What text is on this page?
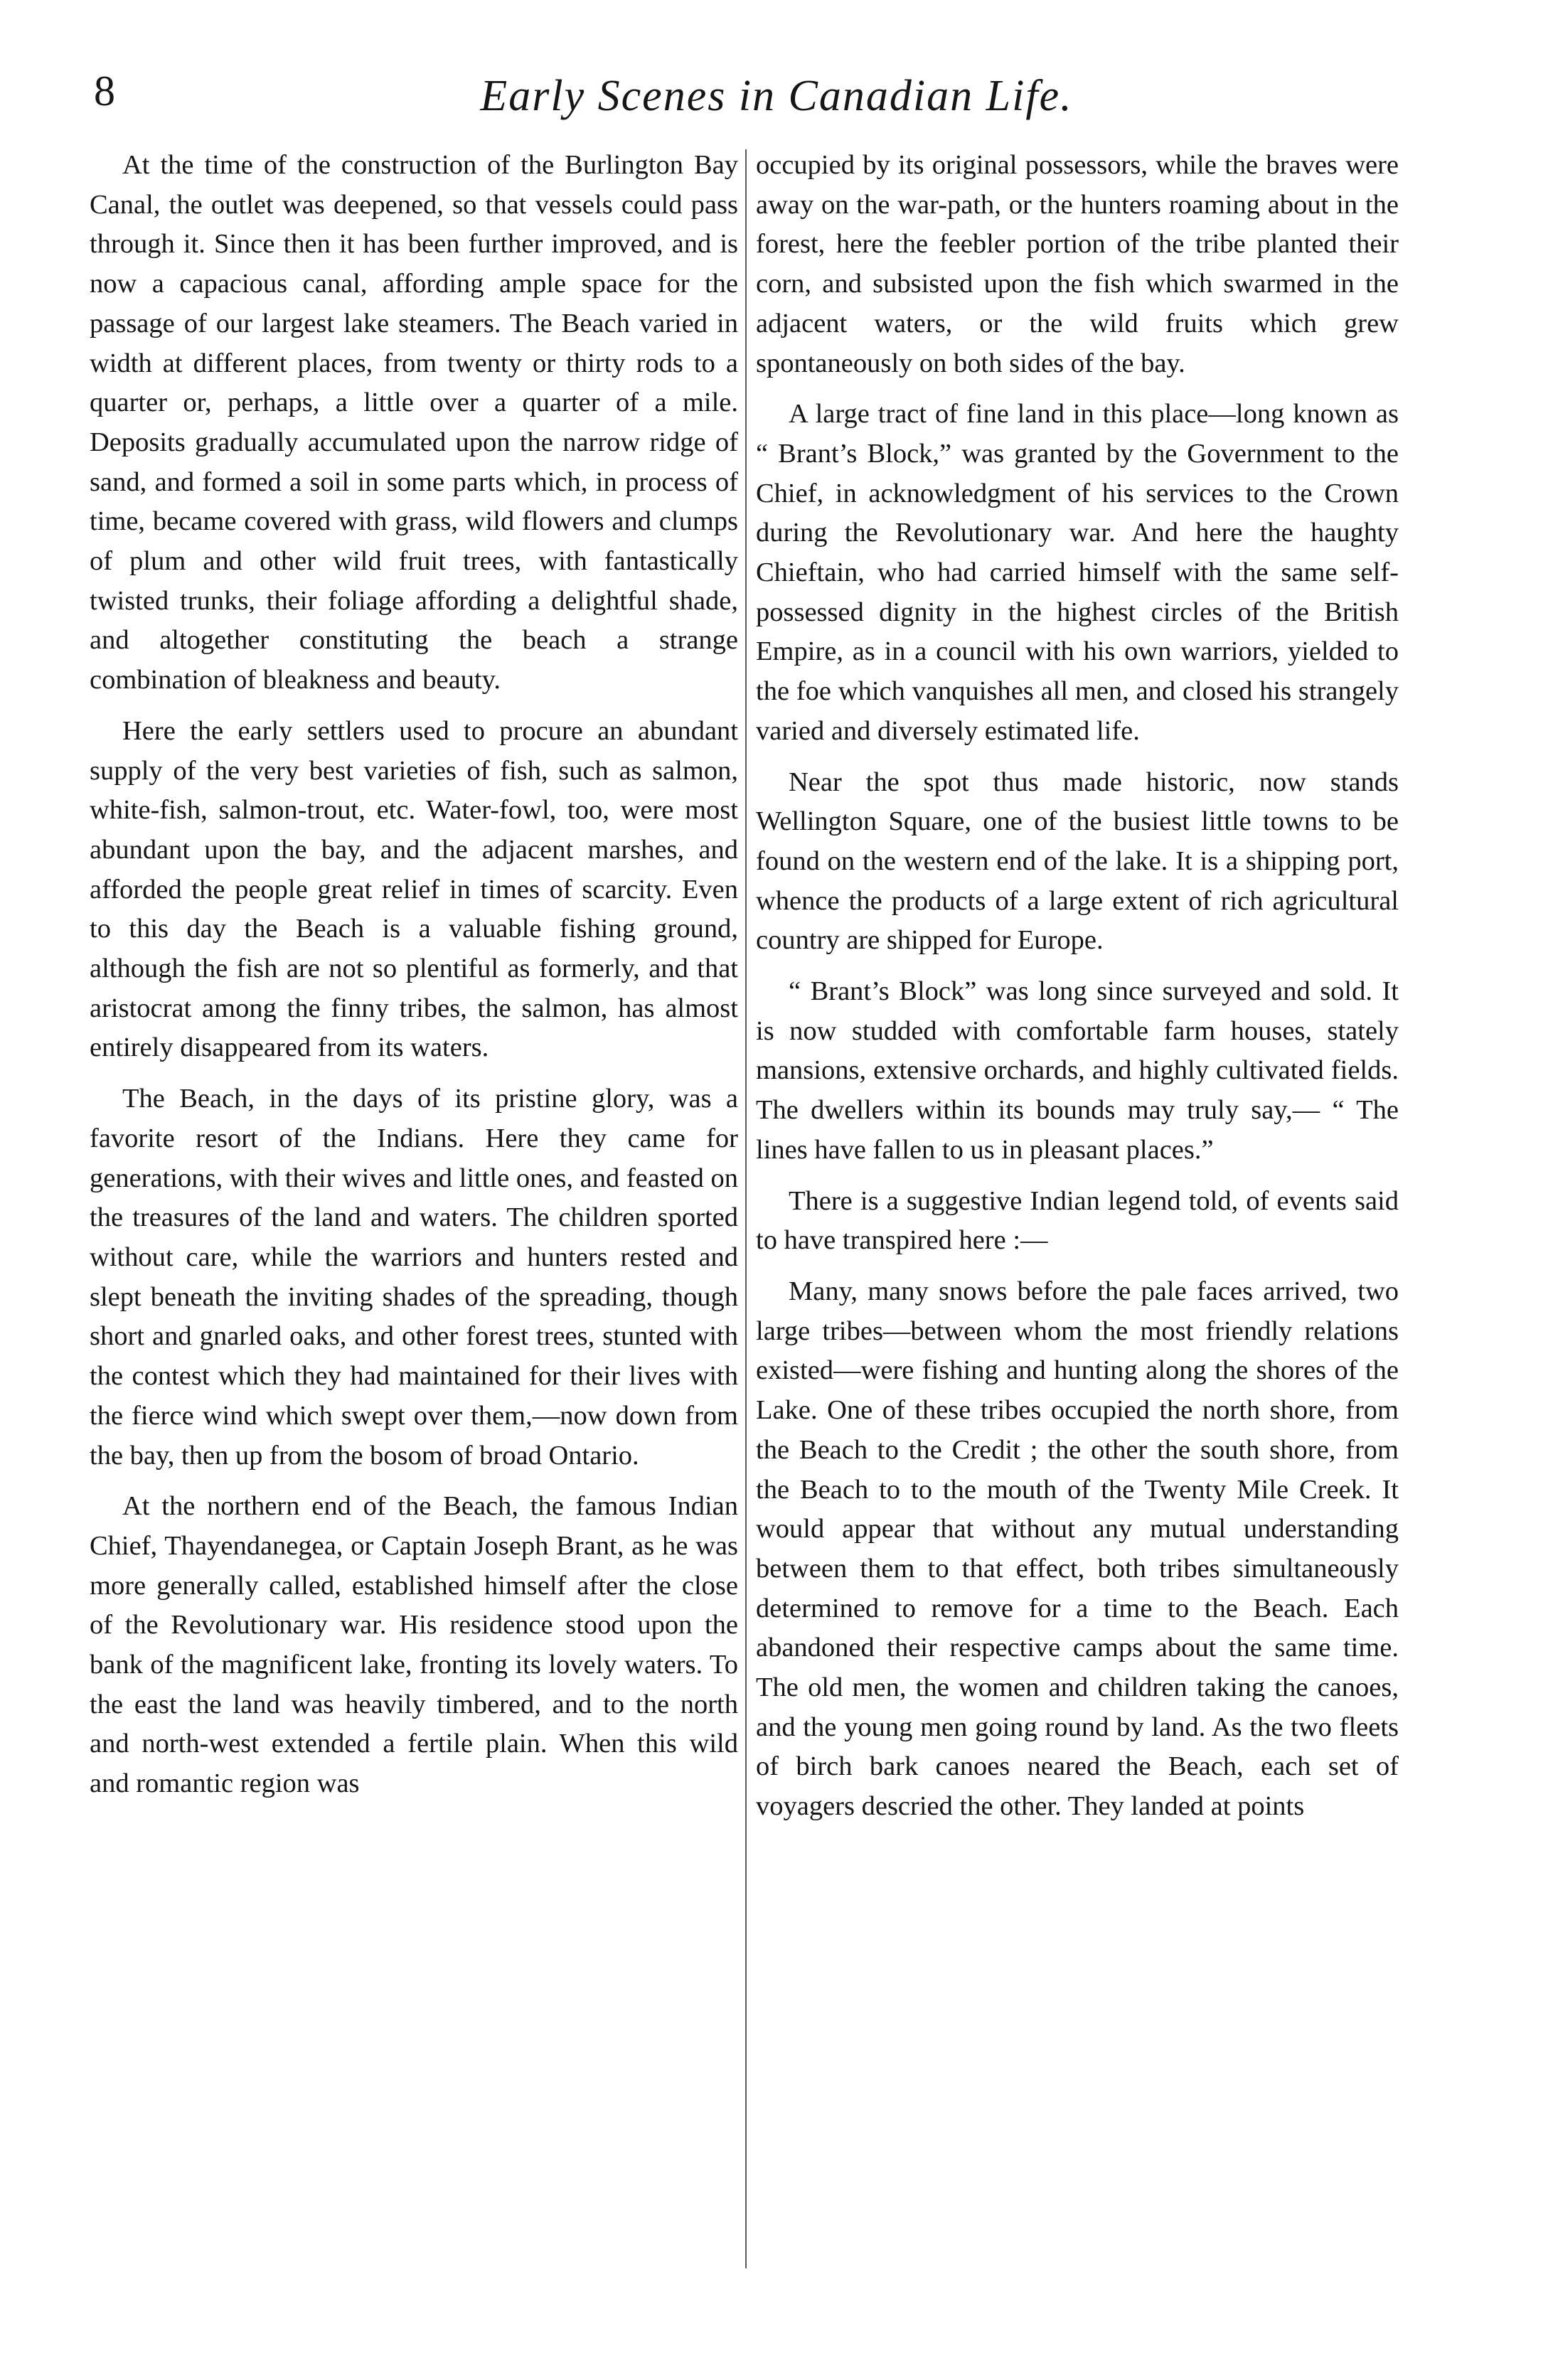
8	Early Scenes in Canadian Life.

At the time of the construction of the Burlington Bay Canal, the outlet was deepened, so that vessels could pass through it. Since then it has been further improved, and is now a capacious canal, affording ample space for the passage of our largest lake steamers. The Beach varied in width at different places, from twenty or thirty rods to a quarter or, perhaps, a little over a quarter of a mile. Deposits gradually accumulated upon the narrow ridge of sand, and formed a soil in some parts which, in process of time, became covered with grass, wild flowers and clumps of plum and other wild fruit trees, with fantastically twisted trunks, their foliage affording a delightful shade, and altogether constituting the beach a strange combination of bleakness and beauty.

Here the early settlers used to procure an abundant supply of the very best varieties of fish, such as salmon, white-fish, salmon-trout, etc. Water-fowl, too, were most abundant upon the bay, and the adjacent marshes, and afforded the people great relief in times of scarcity. Even to this day the Beach is a valuable fishing ground, although the fish are not so plentiful as formerly, and that aristocrat among the finny tribes, the salmon, has almost entirely disappeared from its waters.

The Beach, in the days of its pristine glory, was a favorite resort of the Indians. Here they came for generations, with their wives and little ones, and feasted on the treasures of the land and waters. The children sported without care, while the warriors and hunters rested and slept beneath the inviting shades of the spreading, though short and gnarled oaks, and other forest trees, stunted with the contest which they had maintained for their lives with the fierce wind which swept over them,—now down from the bay, then up from the bosom of broad Ontario.

At the northern end of the Beach, the famous Indian Chief, Thayendanegea, or Captain Joseph Brant, as he was more generally called, established himself after the close of the Revolutionary war. His residence stood upon the bank of the magnificent lake, fronting its lovely waters. To the east the land was heavily timbered, and to the north and north-west extended a fertile plain. When this wild and romantic region was

occupied by its original possessors, while the braves were away on the war-path, or the hunters roaming about in the forest, here the feebler portion of the tribe planted their corn, and subsisted upon the fish which swarmed in the adjacent waters, or the wild fruits which grew spontaneously on both sides of the bay.

A large tract of fine land in this place—long known as “ Brant’s Block,” was granted by the Government to the Chief, in acknowledgment of his services to the Crown during the Revolutionary war. And here the haughty Chieftain, who had carried himself with the same self-possessed dignity in the highest circles of the British Empire, as in a council with his own warriors, yielded to the foe which vanquishes all men, and closed his strangely varied and diversely estimated life.

Near the spot thus made historic, now stands Wellington Square, one of the busiest little towns to be found on the western end of the lake. It is a shipping port, whence the products of a large extent of rich agricultural country are shipped for Europe.

“ Brant’s Block” was long since surveyed and sold. It is now studded with comfortable farm houses, stately mansions, extensive orchards, and highly cultivated fields. The dwellers within its bounds may truly say,— “ The lines have fallen to us in pleasant places.”

There is a suggestive Indian legend told, of events said to have transpired here :—

Many, many snows before the pale faces arrived, two large tribes—between whom the most friendly relations existed—were fishing and hunting along the shores of the Lake. One of these tribes occupied the north shore, from the Beach to the Credit ; the other the south shore, from the Beach to to the mouth of the Twenty Mile Creek. It would appear that without any mutual understanding between them to that effect, both tribes simultaneously determined to remove for a time to the Beach. Each abandoned their respective camps about the same time. The old men, the women and children taking the canoes, and the young men going round by land. As the two fleets of birch bark canoes neared the Beach, each set of voyagers descried the other. They landed at points
